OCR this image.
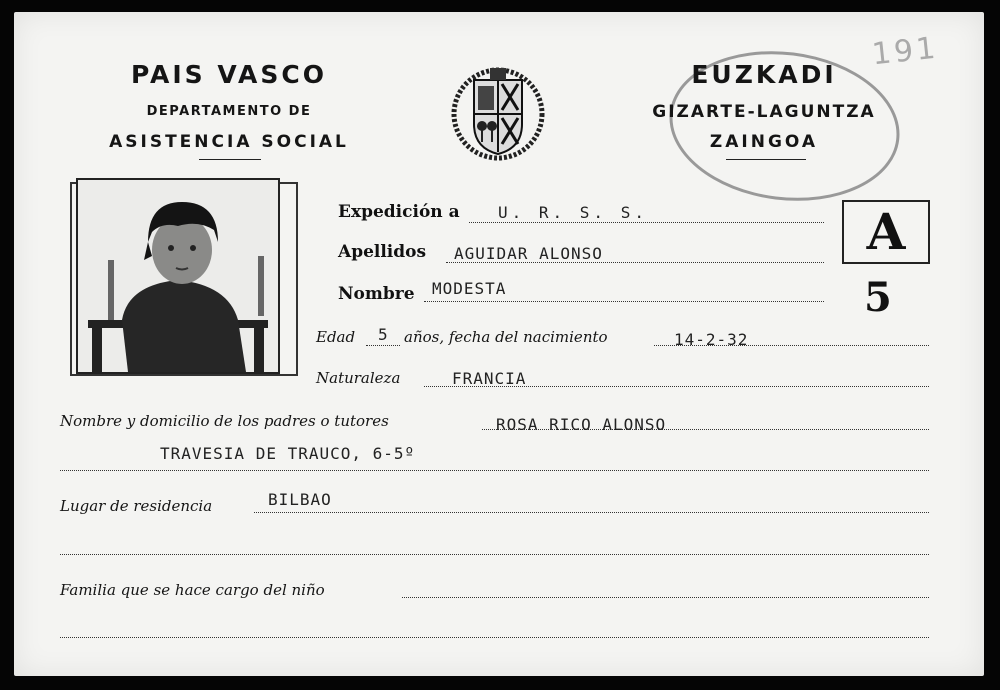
PAIS VASCO
DEPARTAMENTO DE
ASISTENCIA SOCIAL
EUZKADI
GIZARTE-LAGUNTZA
ZAINGOA
191
A
5
Expedición a U. R. S. S.
Apellidos AGUIDAR ALONSO
Nombre MODESTA
Edad 5 años, fecha del nacimiento	14-2-32
Naturaleza	FRANCIA
Nombre y domicilio de los padres o tutores	ROSA RICO ALONSO
TRAVESIA DE TRAUCO, 6-5º
Lugar de residencia	BILBAO
Familia que se hace cargo del niño
